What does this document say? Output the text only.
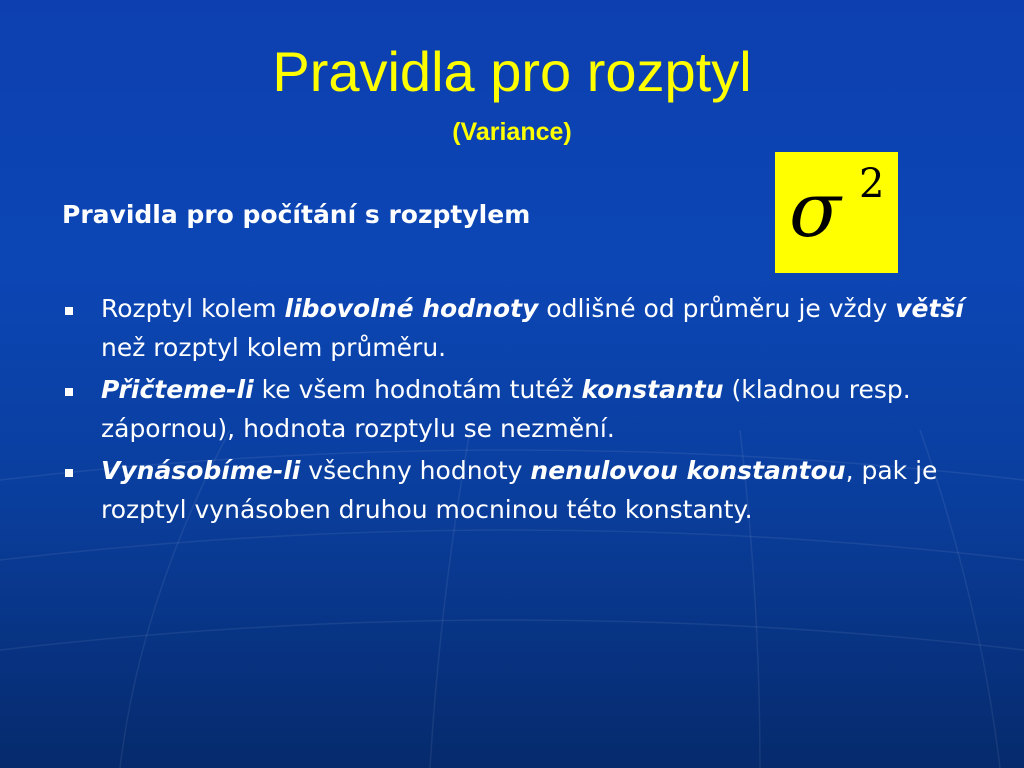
Pravidla pro rozptyl
(Variance)
Pravidla pro počítání s rozptylem	σ 2
Rozptyl kolem libovolné hodnoty odlišné od průměru je vždy větší než rozptyl kolem průměru.
Přičteme-li ke všem hodnotám tutéž konstantu (kladnou resp. zápornou), hodnota rozptylu se nezmění.
Vynásobíme-li všechny hodnoty nenulovou konstantou, pak je rozptyl vynásoben druhou mocninou této konstanty.
